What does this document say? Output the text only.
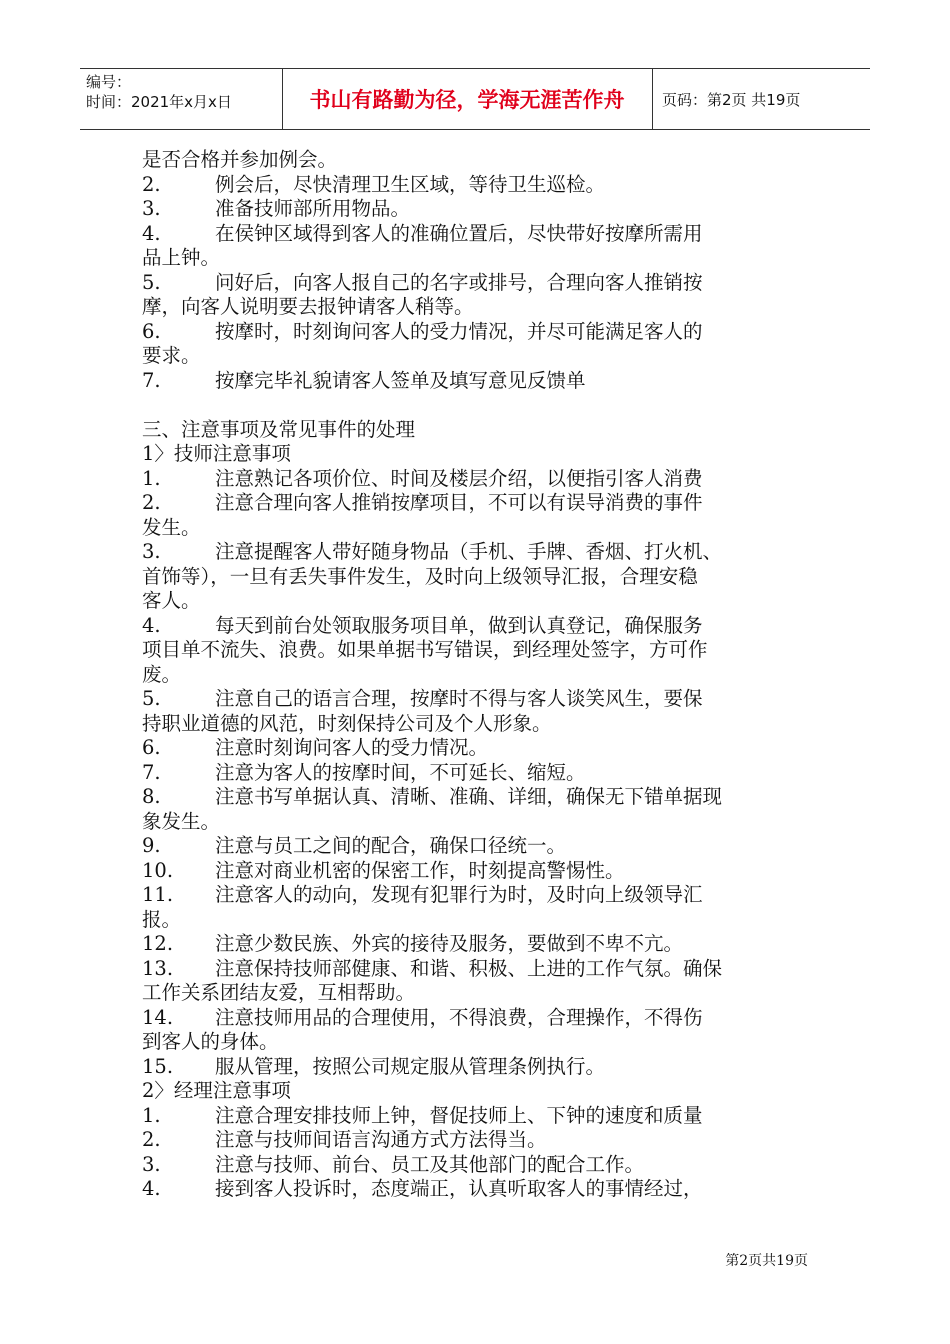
编号：
时间：2021年x月x日	书山有路勤为径，学海无涯苦作舟	页码：第2页 共19页
是否合格并参加例会。
2.	例会后，尽快清理卫生区域，等待卫生巡检。
3.	准备技师部所用物品。
4.	在侯钟区域得到客人的准确位置后，尽快带好按摩所需用
品上钟。
5.	问好后，向客人报自己的名字或排号，合理向客人推销按
摩，向客人说明要去报钟请客人稍等。
6.	按摩时，时刻询问客人的受力情况，并尽可能满足客人的
要求。
7.	按摩完毕礼貌请客人签单及填写意见反馈单
三、注意事项及常见事件的处理
1〉技师注意事项
1.	注意熟记各项价位、时间及楼层介绍，以便指引客人消费
2.	注意合理向客人推销按摩项目，不可以有误导消费的事件
发生。
3.	注意提醒客人带好随身物品（手机、手牌、香烟、打火机、
首饰等），一旦有丢失事件发生，及时向上级领导汇报，合理安稳
客人。
4.	每天到前台处领取服务项目单，做到认真登记，确保服务
项目单不流失、浪费。如果单据书写错误，到经理处签字，方可作
废。
5.	注意自己的语言合理，按摩时不得与客人谈笑风生，要保
持职业道德的风范，时刻保持公司及个人形象。
6.	注意时刻询问客人的受力情况。
7.	注意为客人的按摩时间，不可延长、缩短。
8.	注意书写单据认真、清晰、准确、详细，确保无下错单据现
象发生。
9.	注意与员工之间的配合，确保口径统一。
10. 注意对商业机密的保密工作，时刻提高警惕性。
11. 注意客人的动向，发现有犯罪行为时，及时向上级领导汇
报。
12. 注意少数民族、外宾的接待及服务，要做到不卑不亢。
13. 注意保持技师部健康、和谐、积极、上进的工作气氛。确保
工作关系团结友爱，互相帮助。
14. 注意技师用品的合理使用，不得浪费，合理操作，不得伤
到客人的身体。
15. 服从管理，按照公司规定服从管理条例执行。
2〉经理注意事项
1.	注意合理安排技师上钟，督促技师上、下钟的速度和质量
2.	注意与技师间语言沟通方式方法得当。
3.	注意与技师、前台、员工及其他部门的配合工作。
4.	接到客人投诉时，态度端正，认真听取客人的事情经过，
第2页共19页
